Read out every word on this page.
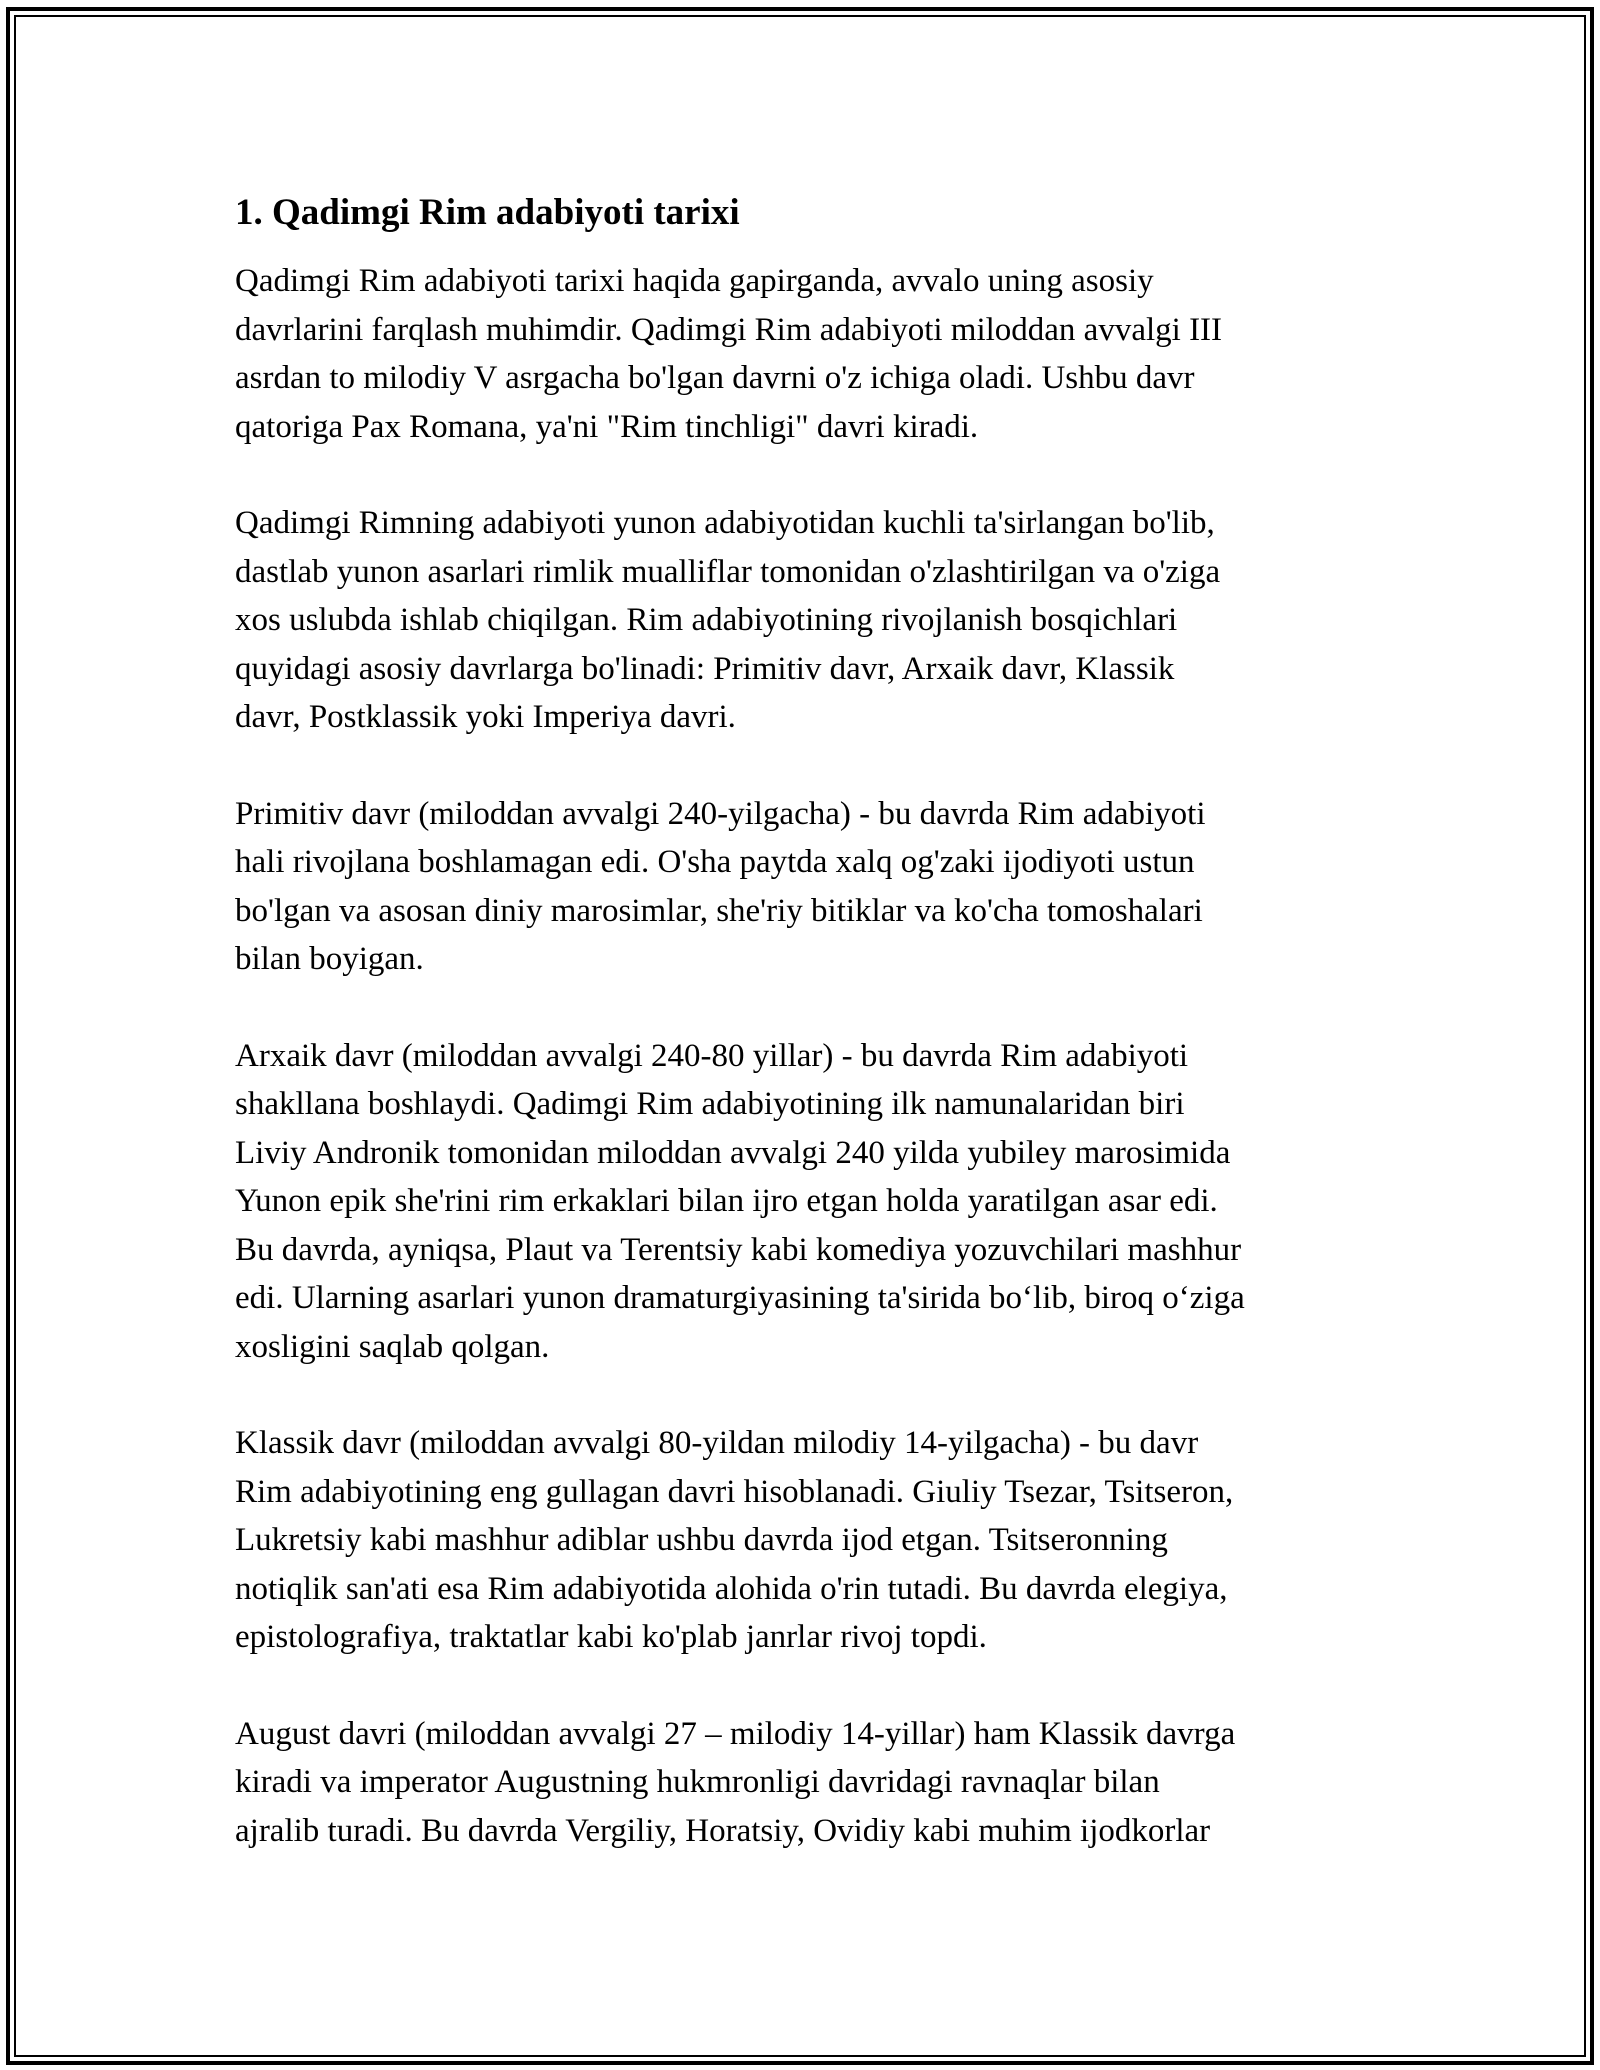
1. Qadimgi Rim adabiyoti tarixi

Qadimgi Rim adabiyoti tarixi haqida gapirganda, avvalo uning asosiy
davrlarini farqlash muhimdir. Qadimgi Rim adabiyoti miloddan avvalgi III
asrdan to milodiy V asrgacha bo'lgan davrni o'z ichiga oladi. Ushbu davr
qatoriga Pax Romana, ya'ni "Rim tinchligi" davri kiradi.

Qadimgi Rimning adabiyoti yunon adabiyotidan kuchli ta'sirlangan bo'lib,
dastlab yunon asarlari rimlik mualliflar tomonidan o'zlashtirilgan va o'ziga
xos uslubda ishlab chiqilgan. Rim adabiyotining rivojlanish bosqichlari
quyidagi asosiy davrlarga bo'linadi: Primitiv davr, Arxaik davr, Klassik
davr, Postklassik yoki Imperiya davri.

Primitiv davr (miloddan avvalgi 240-yilgacha) - bu davrda Rim adabiyoti
hali rivojlana boshlamagan edi. O'sha paytda xalq og'zaki ijodiyoti ustun
bo'lgan va asosan diniy marosimlar, she'riy bitiklar va ko'cha tomoshalari
bilan boyigan.

Arxaik davr (miloddan avvalgi 240-80 yillar) - bu davrda Rim adabiyoti
shakllana boshlaydi. Qadimgi Rim adabiyotining ilk namunalaridan biri
Liviy Andronik tomonidan miloddan avvalgi 240 yilda yubiley marosimida
Yunon epik she'rini rim erkaklari bilan ijro etgan holda yaratilgan asar edi.
Bu davrda, ayniqsa, Plaut va Terentsiy kabi komediya yozuvchilari mashhur
edi. Ularning asarlari yunon dramaturgiyasining ta'sirida bo‘lib, biroq o‘ziga
xosligini saqlab qolgan.

Klassik davr (miloddan avvalgi 80-yildan milodiy 14-yilgacha) - bu davr
Rim adabiyotining eng gullagan davri hisoblanadi. Giuliy Tsezar, Tsitseron,
Lukretsiy kabi mashhur adiblar ushbu davrda ijod etgan. Tsitseronning
notiqlik san'ati esa Rim adabiyotida alohida o'rin tutadi. Bu davrda elegiya,
epistolografiya, traktatlar kabi ko'plab janrlar rivoj topdi.

August davri (miloddan avvalgi 27 – milodiy 14-yillar) ham Klassik davrga
kiradi va imperator Augustning hukmronligi davridagi ravnaqlar bilan
ajralib turadi. Bu davrda Vergiliy, Horatsiy, Ovidiy kabi muhim ijodkorlar
